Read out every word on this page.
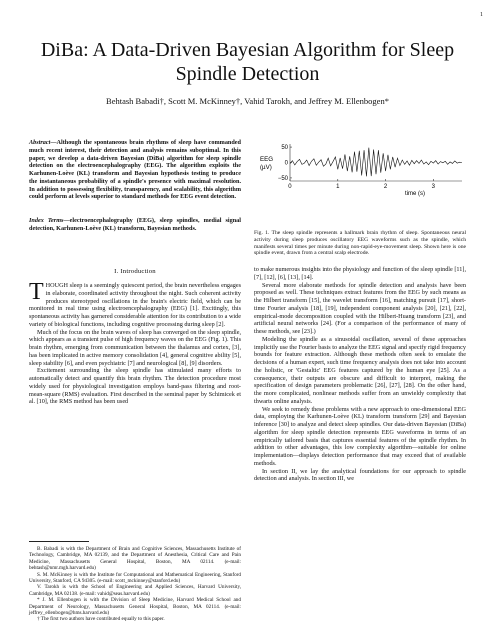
1
DiBa: A Data-Driven Bayesian Algorithm for Sleep Spindle Detection
Behtash Babadi†, Scott M. McKinney†, Vahid Tarokh, and Jeffrey M. Ellenbogen*
Abstract—Although the spontaneous brain rhythms of sleep have commanded much recent interest, their detection and analysis remains suboptimal. In this paper, we develop a data-driven Bayesian (DiBa) algorithm for sleep spindle detection on the electroencephalography (EEG). The algorithm exploits the Karhunen-Loève (KL) transform and Bayesian hypothesis testing to produce the instantaneous probability of a spindle's presence with maximal resolution. In addition to possessing flexibility, transparency, and scalability, this algorithm could perform at levels superior to standard methods for EEG event detection.
Index Terms—electroencephalography (EEG), sleep spindles, medial signal detection, Karhunen-Loève (KL) transform, Bayesian methods.
I. Introduction

THOUGH sleep is a seemingly quiescent period, the brain nevertheless engages in elaborate, coordinated activity throughout the night. Such coherent activity produces stereotyped oscillations in the brain's electric field, which can be monitored in real time using electroencephalography (EEG) [1]. Excitingly, this spontaneous activity has garnered considerable attention for its contribution to a wide variety of biological functions, including cognitive processing during sleep [2].

Much of the focus on the brain waves of sleep has converged on the sleep spindle, which appears as a transient pulse of high frequency waves on the EEG (Fig. 1). This brain rhythm, emerging from communication between the thalamus and cortex, [3], has been implicated in active memory consolidation [4], general cognitive ability [5], sleep stability [6], and even psychiatric [7] and neurological [8], [9] disorders.

Excitement surrounding the sleep spindle has stimulated many efforts to automatically detect and quantify this brain rhythm. The detection procedure most widely used for physiological investigation employs band-pass filtering and root-mean-square (RMS) evaluation. First described in the seminal paper by Schimicek et al. [10], the RMS method has been used

B. Babadi is with the Department of Brain and Cognitive Sciences, Massachusetts Institute of Technology, Cambridge, MA 02139, and the Department of Anesthesia, Critical Care and Pain Medicine, Massachusetts General Hospital, Boston, MA 02114. (e-mail: behtash@nmr.mgh.harvard.edu)

S. M. McKinney is with the Institute for Computational and Mathematical Engineering, Stanford University, Stanford, CA 94305. (e-mail: scott_mckinney@stanford.edu)

V. Tarokh is with the School of Engineering and Applied Sciences, Harvard University, Cambridge, MA 02138. (e-mail: vahid@seas.harvard.edu)

* J. M. Ellenbogen is with the Division of Sleep Medicine, Harvard Medical School and Department of Neurology, Massachusetts General Hospital, Boston, MA 02114. (e-mail: jeffrey_ellenbogen@hms.harvard.edu)

† The first two authors have contributed equally to this paper.

EEG
(µV)
0	1	2	3
50
0
−50
time (s)
Fig. 1. The sleep spindle represents a hallmark brain rhythm of sleep. Spontaneous neural activity during sleep produces oscillatory EEG waveforms such as the spindle, which manifests several times per minute during non-rapid-eye-movement sleep. Shown here is one spindle event, drawn from a central scalp electrode.

to make numerous insights into the physiology and function of the sleep spindle [11], [7], [12], [6], [13], [14].

Several more elaborate methods for spindle detection and analysis have been proposed as well. These techniques extract features from the EEG by such means as the Hilbert transform [15], the wavelet transform [16], matching pursuit [17], short-time Fourier analysis [18], [19], independent component analysis [20], [21], [22], empirical-mode decomposition coupled with the Hilbert-Huang transform [23], and artificial neural networks [24]. (For a comparison of the performance of many of these methods, see [23].)

Modeling the spindle as a sinusoidal oscillation, several of these approaches implicitly use the Fourier basis to analyze the EEG signal and specify rigid frequency bounds for feature extraction. Although these methods often seek to emulate the decisions of a human expert, such time frequency analysis does not take into account the holistic, or 'Gestaltic' EEG features captured by the human eye [25]. As a consequence, their outputs are obscure and difficult to interpret, making the specification of design parameters problematic [26], [27], [28]. On the other hand, the more complicated, nonlinear methods suffer from an unwieldy complexity that thwarts online analysis.

We seek to remedy these problems with a new approach to one-dimensional EEG data, employing the Karhunen-Loève (KL) transform transform [29] and Bayesian inference [30] to analyze and detect sleep spindles. Our data-driven Bayesian (DiBa) algorithm for sleep spindle detection represents EEG waveforms in terms of an empirically tailored basis that captures essential features of the spindle rhythm. In addition to other advantages, this low complexity algorithm—suitable for online implementation—displays detection performance that may exceed that of available methods.

In section II, we lay the analytical foundations for our approach to spindle detection and analysis. In section III, we
